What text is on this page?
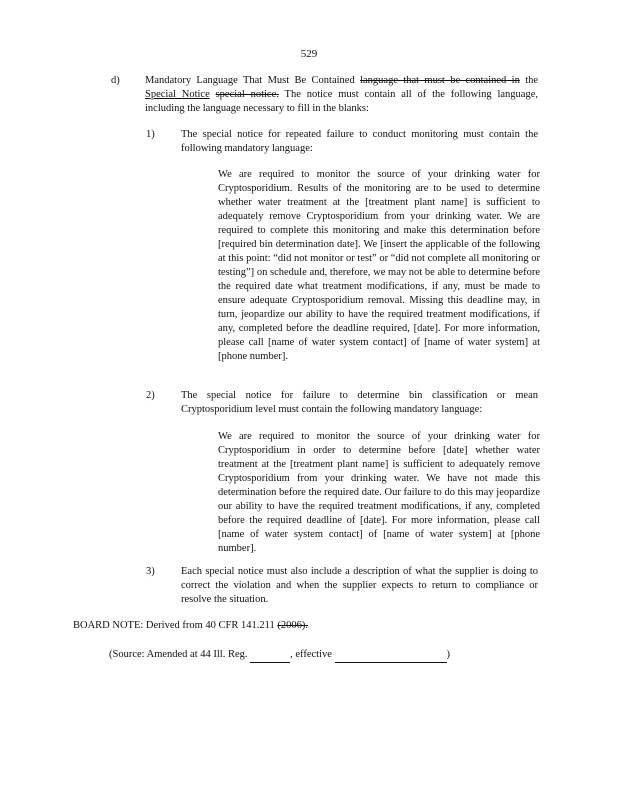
529
d) Mandatory Language That Must Be Contained language that must be contained in the Special Notice special notice. The notice must contain all of the following language, including the language necessary to fill in the blanks:
1)	The special notice for repeated failure to conduct monitoring must contain the following mandatory language:
We are required to monitor the source of your drinking water for Cryptosporidium. Results of the monitoring are to be used to determine whether water treatment at the [treatment plant name] is sufficient to adequately remove Cryptosporidium from your drinking water. We are required to complete this monitoring and make this determination before [required bin determination date]. We [insert the applicable of the following at this point: “did not monitor or test” or “did not complete all monitoring or testing”] on schedule and, therefore, we may not be able to determine before the required date what treatment modifications, if any, must be made to ensure adequate Cryptosporidium removal. Missing this deadline may, in turn, jeopardize our ability to have the required treatment modifications, if any, completed before the deadline required, [date]. For more information, please call [name of water system contact] of [name of water system] at [phone number].
2)	The special notice for failure to determine bin classification or mean Cryptosporidium level must contain the following mandatory language:
We are required to monitor the source of your drinking water for Cryptosporidium in order to determine before [date] whether water treatment at the [treatment plant name] is sufficient to adequately remove Cryptosporidium from your drinking water. We have not made this determination before the required date. Our failure to do this may jeopardize our ability to have the required treatment modifications, if any, completed before the required deadline of [date]. For more information, please call [name of water system contact] of [name of water system] at [phone number].
3)	Each special notice must also include a description of what the supplier is doing to correct the violation and when the supplier expects to return to compliance or resolve the situation.
BOARD NOTE: Derived from 40 CFR 141.211 (2006).
(Source: Amended at 44 Ill. Reg.	, effective	)
